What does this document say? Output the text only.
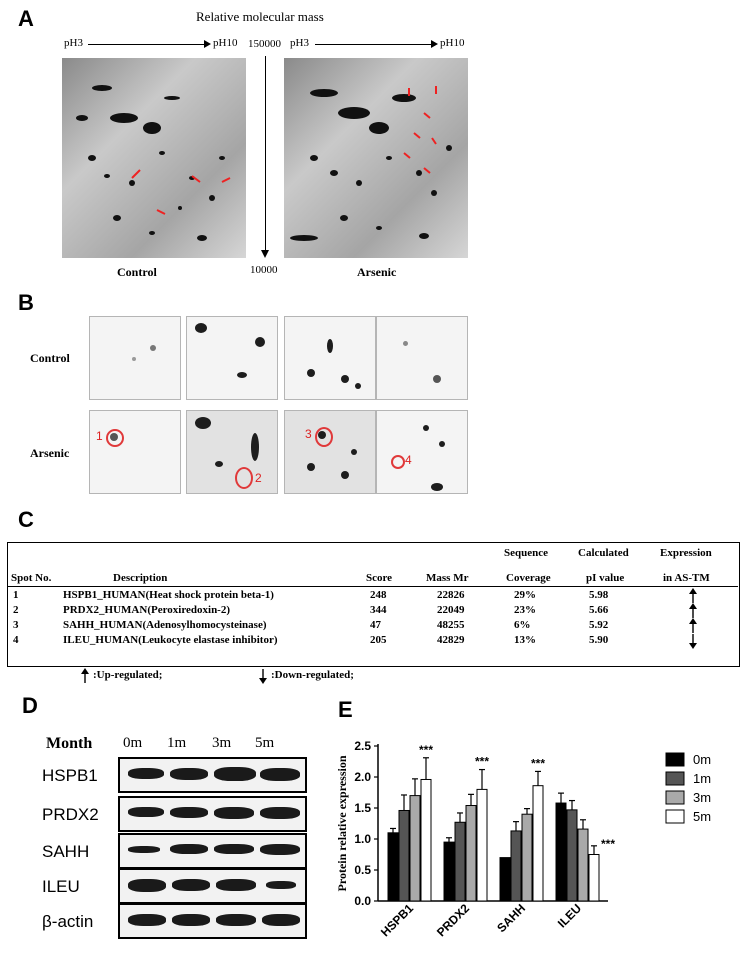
A	Relative molecular mass
pH3	pH10 150000
10000
pH3	pH10
Control	Arsenic
B
Control
Arsenic
1
2
3
4
C
Sequence	Calculated	Expression
Spot No.	Description	Score	Mass Mr	Coverage	pI value	in AS-TM
1	HSPB1_HUMAN(Heat shock protein beta-1)	248	22826	29%	5.98
2	PRDX2_HUMAN(Peroxiredoxin-2)	344	22049	23%	5.66
3	SAHH_HUMAN(Adenosylhomocysteinase)	47	48255	6%	5.92
4	ILEU_HUMAN(Leukocyte elastase inhibitor)	205	42829	13%	5.90
:Up-regulated;	:Down-regulated;
D
Month 0m 1m 3m 5m
HSPB1
PRDX2
SAHH
ILEU
β-actin
E
0.0
0.5
1.0
1.5
2.0
2.5
Protein relative expression
***
HSPB1
***
PRDX2
***
SAHH
***
ILEU
0m
1m
3m
5m
